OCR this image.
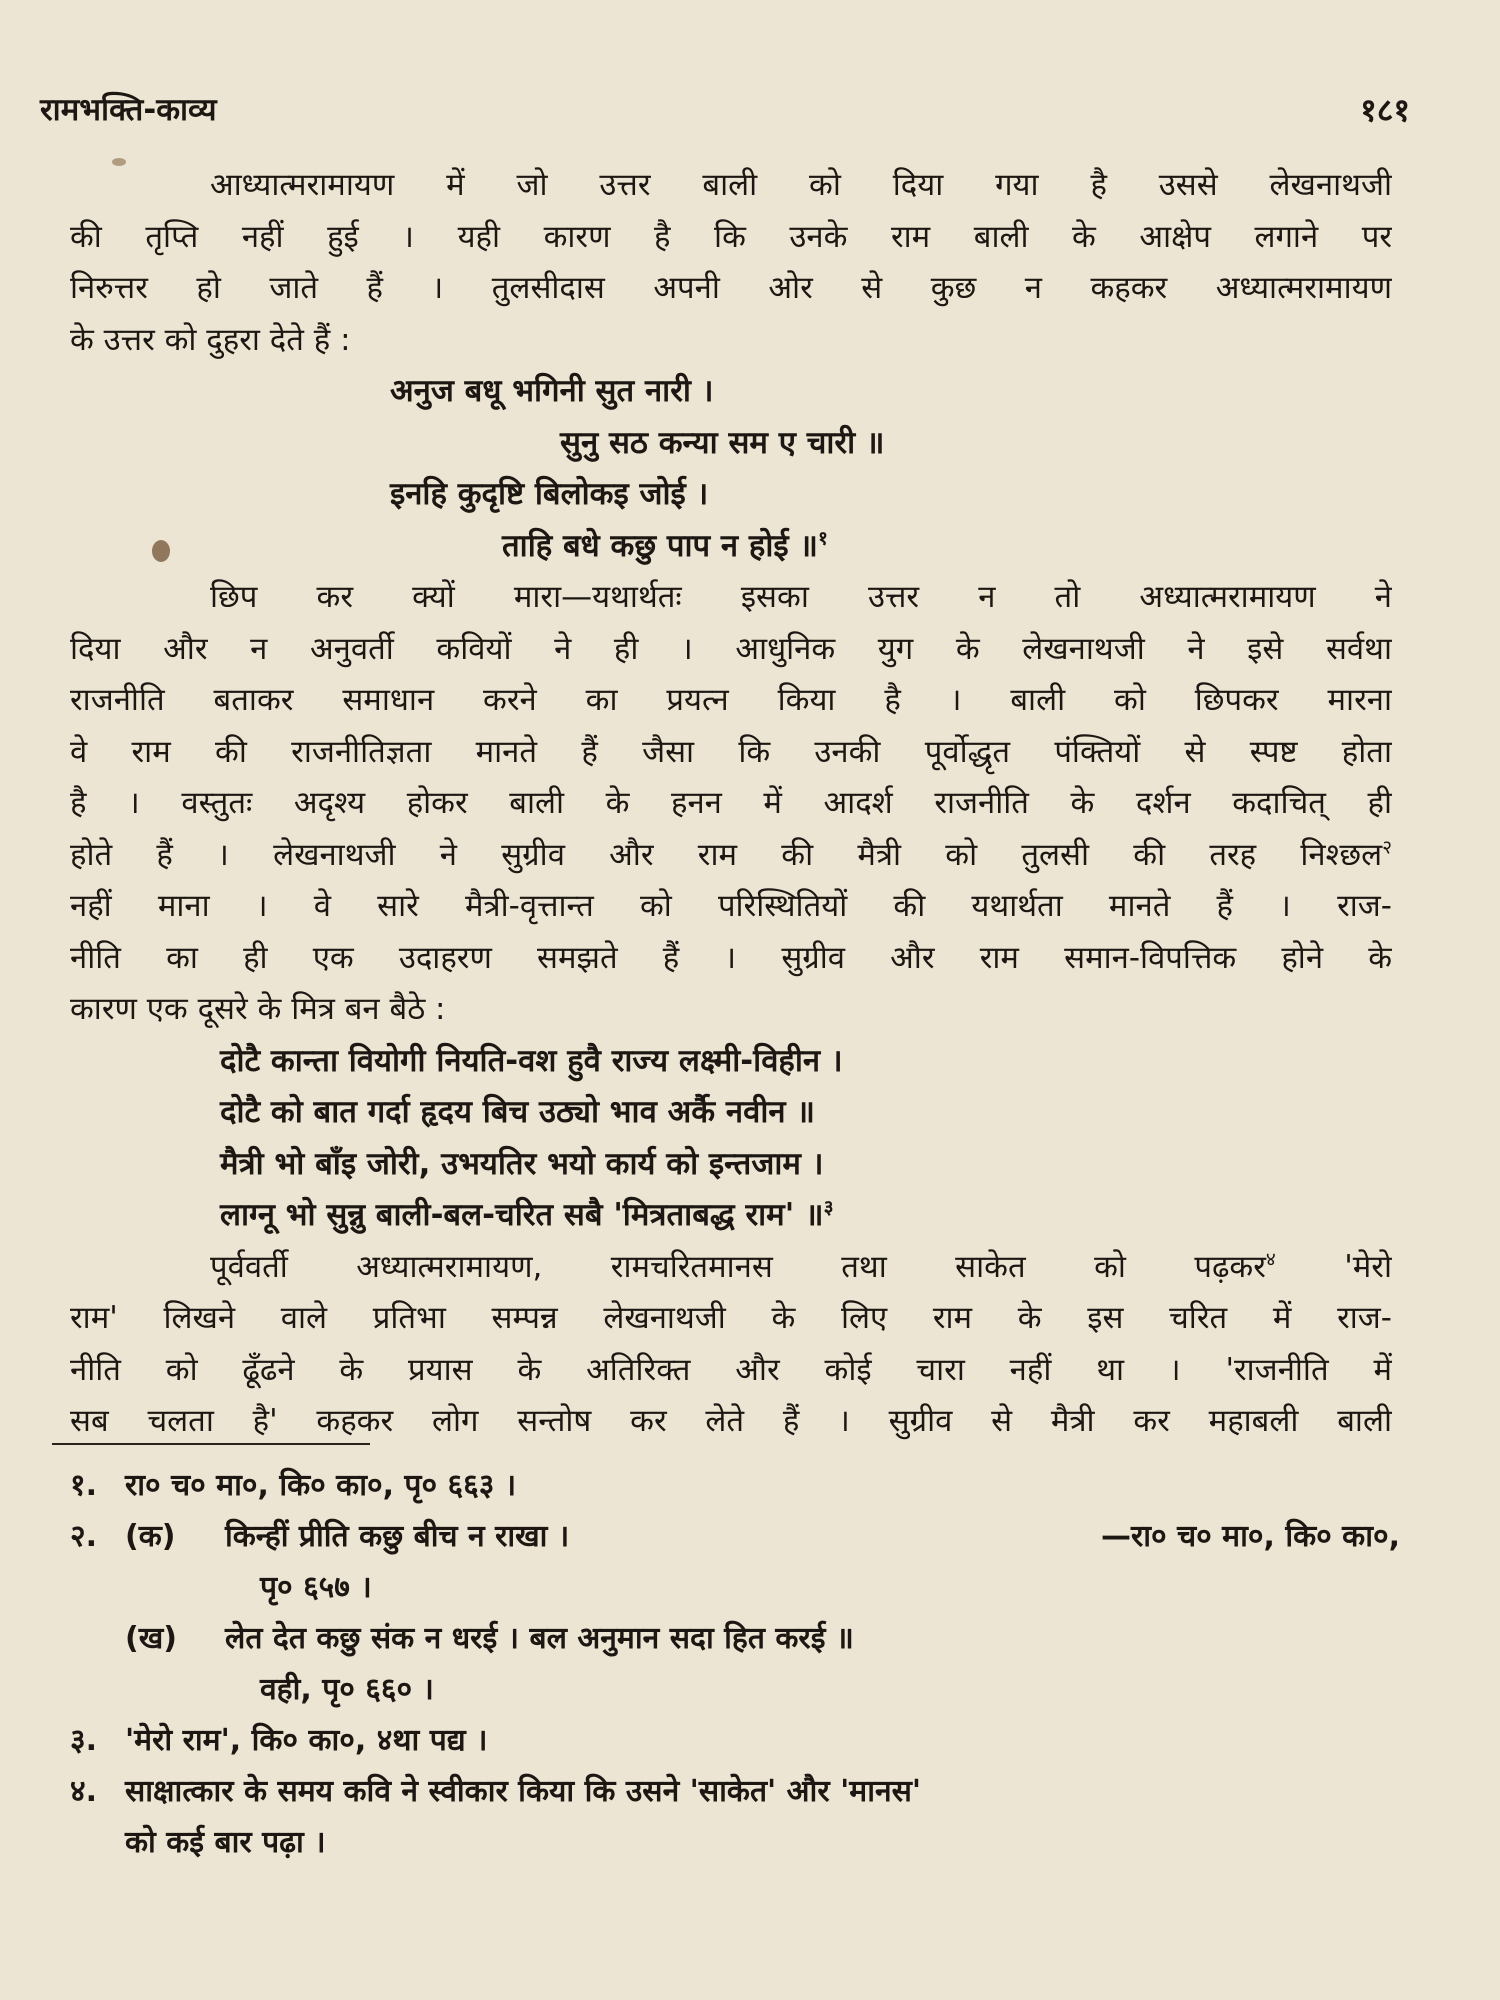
रामभक्ति-काव्य	१८१
आध्यात्मरामायण में जो उत्तर बाली को दिया गया है उससे लेखनाथजी
की तृप्ति नहीं हुई । यही कारण है कि उनके राम बाली के आक्षेप लगाने पर
निरुत्तर हो जाते हैं । तुलसीदास अपनी ओर से कुछ न कहकर अध्यात्मरामायण
के उत्तर को दुहरा देते हैं :
अनुज बधू भगिनी सुत नारी ।
सुनु सठ कन्या सम ए चारी ॥
इनहि कुदृष्टि बिलोकइ जोई ।
ताहि बधे कछु पाप न होई ॥$^१$
छिप कर क्यों मारा—यथार्थतः इसका उत्तर न तो अध्यात्मरामायण ने
दिया और न अनुवर्ती कवियों ने ही । आधुनिक युग के लेखनाथजी ने इसे सर्वथा
राजनीति बताकर समाधान करने का प्रयत्न किया है । बाली को छिपकर मारना
वे राम की राजनीतिज्ञता मानते हैं जैसा कि उनकी पूर्वोद्धृत पंक्तियों से स्पष्ट होता
है । वस्तुतः अदृश्य होकर बाली के हनन में आदर्श राजनीति के दर्शन कदाचित् ही
होते हैं । लेखनाथजी ने सुग्रीव और राम की मैत्री को तुलसी की तरह निश्छल$^२$
नहीं माना । वे सारे मैत्री-वृत्तान्त को परिस्थितियों की यथार्थता मानते हैं । राज-
नीति का ही एक उदाहरण समझते हैं । सुग्रीव और राम समान-विपत्तिक होने के
कारण एक दूसरे के मित्र बन बैठे :
दोटै कान्ता वियोगी नियति-वश हुवै राज्य लक्ष्मी-विहीन ।
दोटै को बात गर्दा हृदय बिच उठ्यो भाव अर्कै नवीन ॥
मैत्री भो बाँइ जोरी, उभयतिर भयो कार्य को इन्तजाम ।
लाग्नू भो सुन्नु बाली-बल-चरित सबै 'मित्रताबद्ध राम' ॥$^३$
पूर्ववर्ती अध्यात्मरामायण, रामचरितमानस तथा साकेत को पढ़कर$^४$ 'मेरो
राम' लिखने वाले प्रतिभा सम्पन्न लेखनाथजी के लिए राम के इस चरित में राज-
नीति को ढूँढने के प्रयास के अतिरिक्त और कोई चारा नहीं था । 'राजनीति में
सब चलता है' कहकर लोग सन्तोष कर लेते हैं । सुग्रीव से मैत्री कर महाबली बाली
१. रा० च० मा०, कि० का०, पृ० ६६३ ।
२. (क) किन्हीं प्रीति कछु बीच न राखा ।	—रा० च० मा०, कि० का०,
पृ० ६५७ ।
(ख) लेत देत कछु संक न धरई । बल अनुमान सदा हित करई ॥
वही, पृ० ६६० ।
३. 'मेरो राम', कि० का०, ४था पद्य ।
४. साक्षात्कार के समय कवि ने स्वीकार किया कि उसने 'साकेत' और 'मानस'
को कई बार पढ़ा ।
